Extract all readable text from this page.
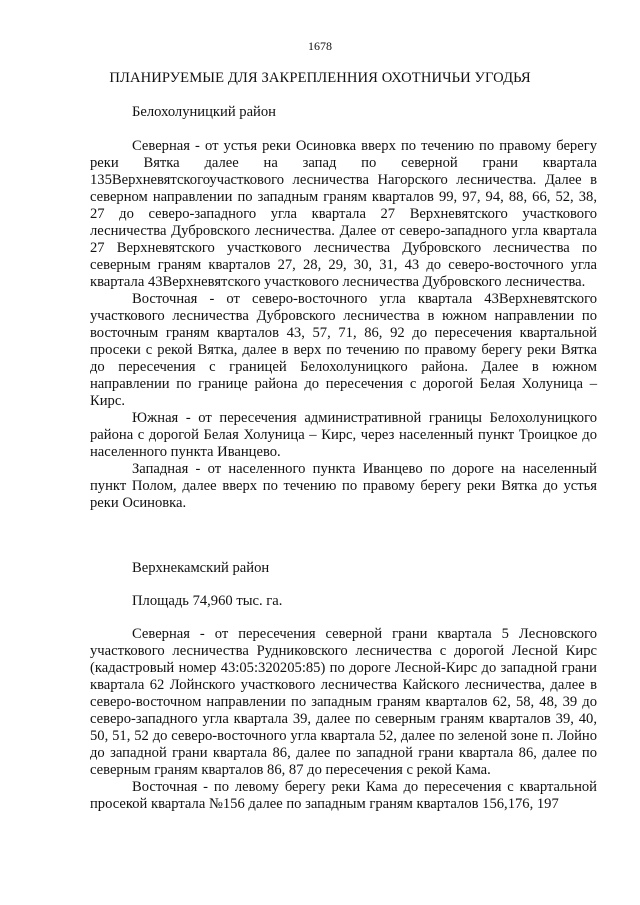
1678
ПЛАНИРУЕМЫЕ ДЛЯ ЗАКРЕПЛЕННИЯ ОХОТНИЧЬИ УГОДЬЯ
Белохолуницкий район

Северная - от устья реки Осиновка вверх по течению по правому берегу реки Вятка далее на запад по северной грани квартала 135Верхневятскогоучасткового лесничества Нагорского лесничества. Далее в северном направлении по западным граням кварталов 99, 97, 94, 88, 66, 52, 38, 27 до северо-западного угла квартала 27 Верхневятского участкового лесничества Дубровского лесничества. Далее от северо-западного угла квартала 27 Верхневятского участкового лесничества Дубровского лесничества по северным граням кварталов 27, 28, 29, 30, 31, 43 до северо-восточного угла квартала 43Верхневятского участкового лесничества Дубровского лесничества.

Восточная - от северо-восточного угла квартала 43Верхневятского участкового лесничества Дубровского лесничества в южном направлении по восточным граням кварталов 43, 57, 71, 86, 92 до пересечения квартальной просеки с рекой Вятка, далее в верх по течению по правому берегу реки Вятка до пересечения с границей Белохолуницкого района. Далее в южном направлении по границе района до пересечения с дорогой Белая Холуница – Кирс.

Южная - от пересечения административной границы Белохолуницкого района с дорогой Белая Холуница – Кирс, через населенный пункт Троицкое до населенного пункта Иванцево.

Западная - от населенного пункта Иванцево по дороге на населенный пункт Полом, далее вверх по течению по правому берегу реки Вятка до устья реки Осиновка.

Верхнекамский район
Площадь 74,960 тыс. га.

Северная - от пересечения северной грани квартала 5 Лесновского участкового лесничества Рудниковского лесничества с дорогой Лесной Кирс (кадастровый номер 43:05:320205:85) по дороге Лесной-Кирс до западной грани квартала 62 Лойнского участкового лесничества Кайского лесничества, далее в северо-восточном направлении по западным граням кварталов 62, 58, 48, 39 до северо-западного угла квартала 39, далее по северным граням кварталов 39, 40, 50, 51, 52 до северо-восточного угла квартала 52, далее по зеленой зоне п. Лойно до западной грани квартала 86, далее по западной грани квартала 86, далее по северным граням кварталов 86, 87 до пересечения с рекой Кама.

Восточная - по левому берегу реки Кама до пересечения с квартальной просекой квартала №156 далее по западным граням кварталов 156,176, 197
